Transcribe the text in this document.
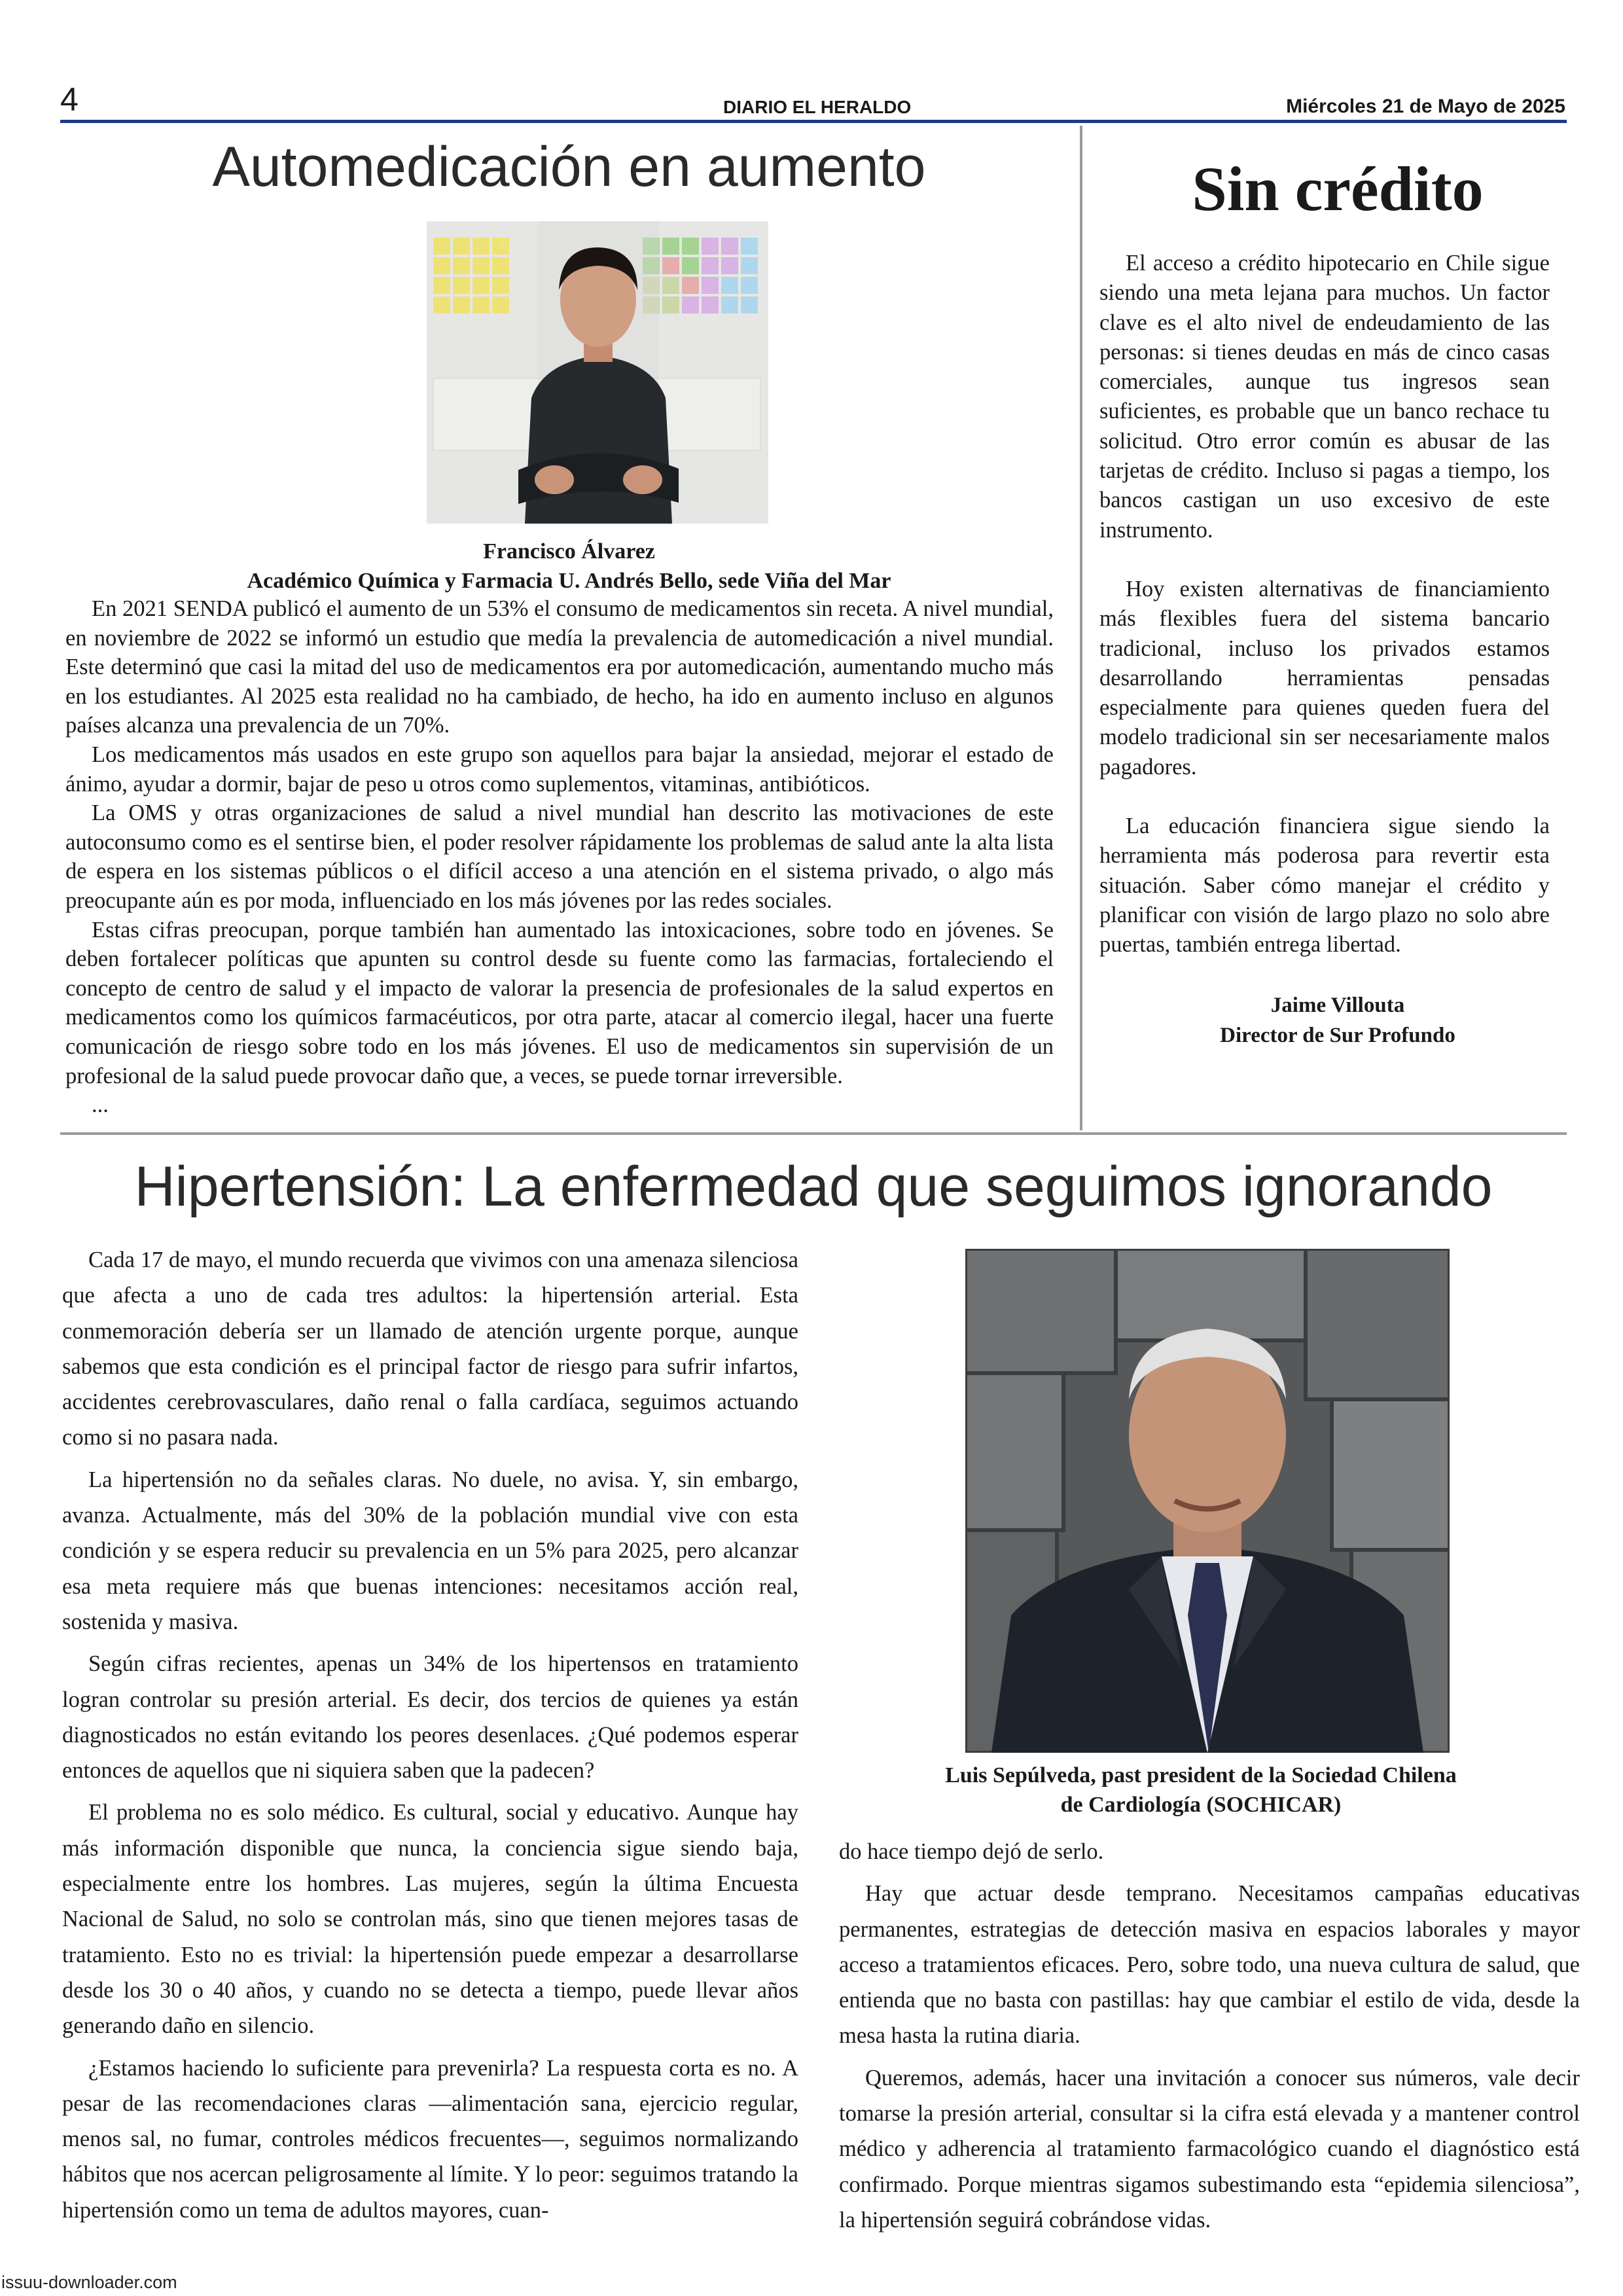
4	DIARIO EL HERALDO	Miércoles 21 de Mayo de 2025
Automedicación en aumento
Francisco Álvarez
Académico Química y Farmacia U. Andrés Bello, sede Viña del Mar

En 2021 SENDA publicó el aumento de un 53% el consumo de medicamentos sin receta. A nivel mundial, en noviembre de 2022 se informó un estudio que medía la prevalencia de automedicación a nivel mundial. Este determinó que casi la mitad del uso de medicamentos era por automedicación, aumentando mucho más en los estudiantes. Al 2025 esta realidad no ha cambiado, de hecho, ha ido en aumento incluso en algunos países alcanza una prevalencia de un 70%.

Los medicamentos más usados en este grupo son aquellos para bajar la ansiedad, mejorar el estado de ánimo, ayudar a dormir, bajar de peso u otros como suplementos, vitaminas, antibióticos.

La OMS y otras organizaciones de salud a nivel mundial han descrito las motivaciones de este autoconsumo como es el sentirse bien, el poder resolver rápidamente los problemas de salud ante la alta lista de espera en los sistemas públicos o el difícil acceso a una atención en el sistema privado, o algo más preocupante aún es por moda, influenciado en los más jóvenes por las redes sociales.

Estas cifras preocupan, porque también han aumentado las intoxicaciones, sobre todo en jóvenes. Se deben fortalecer políticas que apunten su control desde su fuente como las farmacias, fortaleciendo el concepto de centro de salud y el impacto de valorar la presencia de profesionales de la salud expertos en medicamentos como los químicos farmacéuticos, por otra parte, atacar al comercio ilegal, hacer una fuerte comunicación de riesgo sobre todo en los más jóvenes. El uso de medicamentos sin supervisión de un profesional de la salud puede provocar daño que, a veces, se puede tornar irreversible.

...

Sin crédito

El acceso a crédito hipotecario en Chile sigue siendo una meta lejana para muchos. Un factor clave es el alto nivel de endeudamiento de las personas: si tienes deudas en más de cinco casas comerciales, aunque tus ingresos sean suficientes, es probable que un banco rechace tu solicitud. Otro error común es abusar de las tarjetas de crédito. Incluso si pagas a tiempo, los bancos castigan un uso excesivo de este instrumento.

Hoy existen alternativas de financiamiento más flexibles fuera del sistema bancario tradicional, incluso los privados estamos desarrollando herramientas pensadas especialmente para quienes queden fuera del modelo tradicional sin ser necesariamente malos pagadores.

La educación financiera sigue siendo la herramienta más poderosa para revertir esta situación. Saber cómo manejar el crédito y planificar con visión de largo plazo no solo abre puertas, también entrega libertad.

Jaime Villouta
Director de Sur Profundo
Hipertensión: La enfermedad que seguimos ignorando

Cada 17 de mayo, el mundo recuerda que vivimos con una amenaza silenciosa que afecta a uno de cada tres adultos: la hipertensión arterial. Esta conmemoración debería ser un llamado de atención urgente porque, aunque sabemos que esta condición es el principal factor de riesgo para sufrir infartos, accidentes cerebrovasculares, daño renal o falla cardíaca, seguimos actuando como si no pasara nada.

La hipertensión no da señales claras. No duele, no avisa. Y, sin embargo, avanza. Actualmente, más del 30% de la población mundial vive con esta condición y se espera reducir su prevalencia en un 5% para 2025, pero alcanzar esa meta requiere más que buenas intenciones: necesitamos acción real, sostenida y masiva.

Según cifras recientes, apenas un 34% de los hipertensos en tratamiento logran controlar su presión arterial. Es decir, dos tercios de quienes ya están diagnosticados no están evitando los peores desenlaces. ¿Qué podemos esperar entonces de aquellos que ni siquiera saben que la padecen?

El problema no es solo médico. Es cultural, social y educativo. Aunque hay más información disponible que nunca, la conciencia sigue siendo baja, especialmente entre los hombres. Las mujeres, según la última Encuesta Nacional de Salud, no solo se controlan más, sino que tienen mejores tasas de tratamiento. Esto no es trivial: la hipertensión puede empezar a desarrollarse desde los 30 o 40 años, y cuando no se detecta a tiempo, puede llevar años generando daño en silencio.

¿Estamos haciendo lo suficiente para prevenirla? La respuesta corta es no. A pesar de las recomendaciones claras —alimentación sana, ejercicio regular, menos sal, no fumar, controles médicos frecuentes—, seguimos normalizando hábitos que nos acercan peligrosamente al límite. Y lo peor: seguimos tratando la hipertensión como un tema de adultos mayores, cuan-

Luis Sepúlveda, past president de la Sociedad Chilena
de Cardiología (SOCHICAR)

do hace tiempo dejó de serlo.

Hay que actuar desde temprano. Necesitamos campañas educativas permanentes, estrategias de detección masiva en espacios laborales y mayor acceso a tratamientos eficaces. Pero, sobre todo, una nueva cultura de salud, que entienda que no basta con pastillas: hay que cambiar el estilo de vida, desde la mesa hasta la rutina diaria.

Queremos, además, hacer una invitación a conocer sus números, vale decir tomarse la presión arterial, consultar si la cifra está elevada y a mantener control médico y adherencia al tratamiento farmacológico cuando el diagnóstico está confirmado. Porque mientras sigamos subestimando esta “epidemia silenciosa”, la hipertensión seguirá cobrándose vidas.

issuu-downloader.com
